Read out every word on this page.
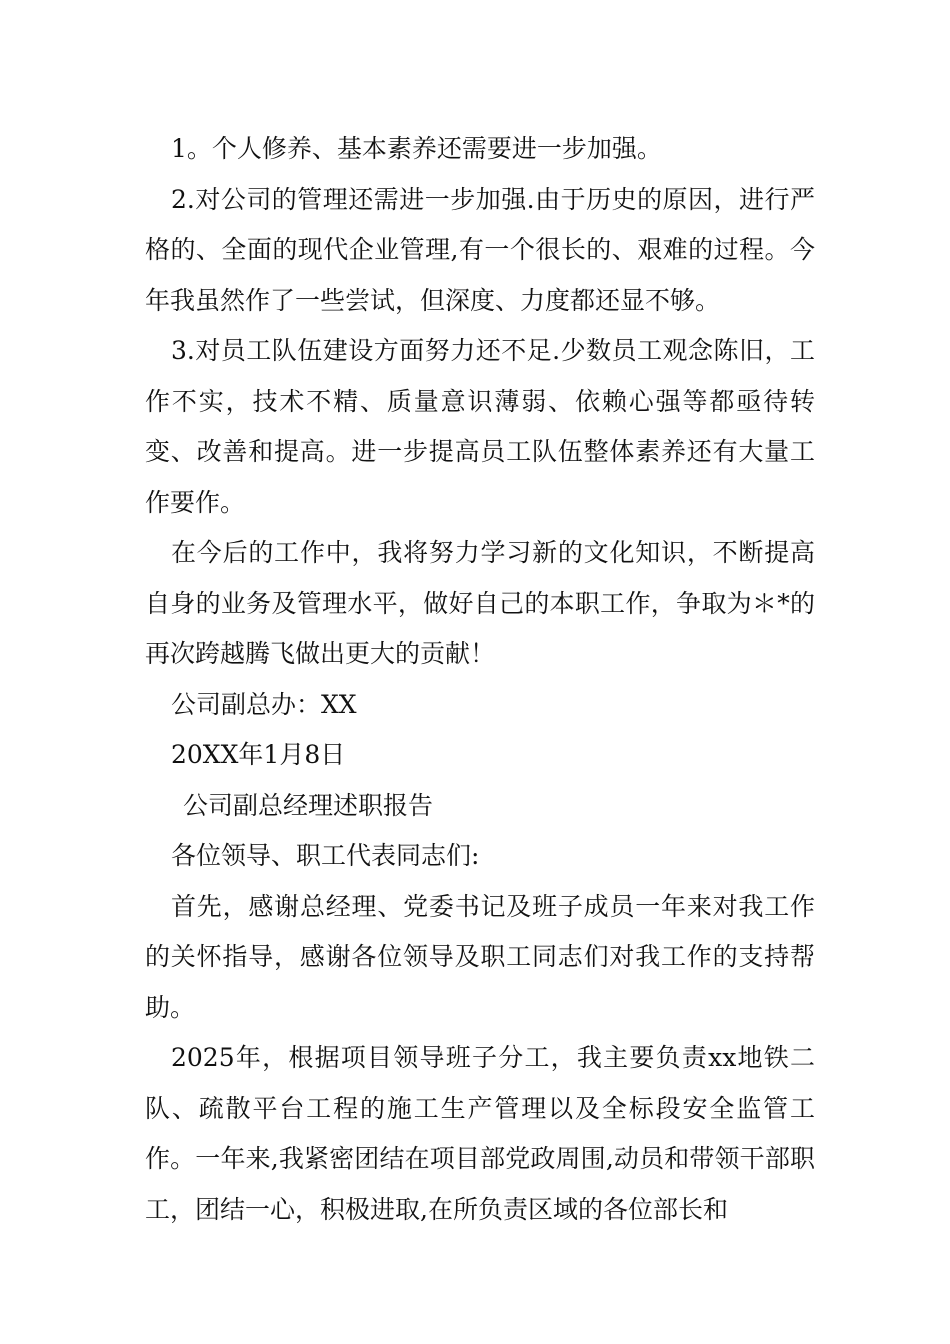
1。个人修养、基本素养还需要进一步加强。

2.对公司的管理还需进一步加强.由于历史的原因，进行严格的、全面的现代企业管理,有一个很长的、艰难的过程。今年我虽然作了一些尝试，但深度、力度都还显不够。

3.对员工队伍建设方面努力还不足.少数员工观念陈旧，工作不实，技术不精、质量意识薄弱、依赖心强等都亟待转变、改善和提高。进一步提高员工队伍整体素养还有大量工作要作。

在今后的工作中，我将努力学习新的文化知识，不断提高自身的业务及管理水平，做好自己的本职工作，争取为＊*的再次跨越腾飞做出更大的贡献！

公司副总办：XX

20XX年1月8日

公司副总经理述职报告

各位领导、职工代表同志们:

首先，感谢总经理、党委书记及班子成员一年来对我工作的关怀指导，感谢各位领导及职工同志们对我工作的支持帮助。

2025年，根据项目领导班子分工，我主要负责xx地铁二队、疏散平台工程的施工生产管理以及全标段安全监管工作。一年来,我紧密团结在项目部党政周围,动员和带领干部职工，团结一心，积极进取,在所负责区域的各位部长和
